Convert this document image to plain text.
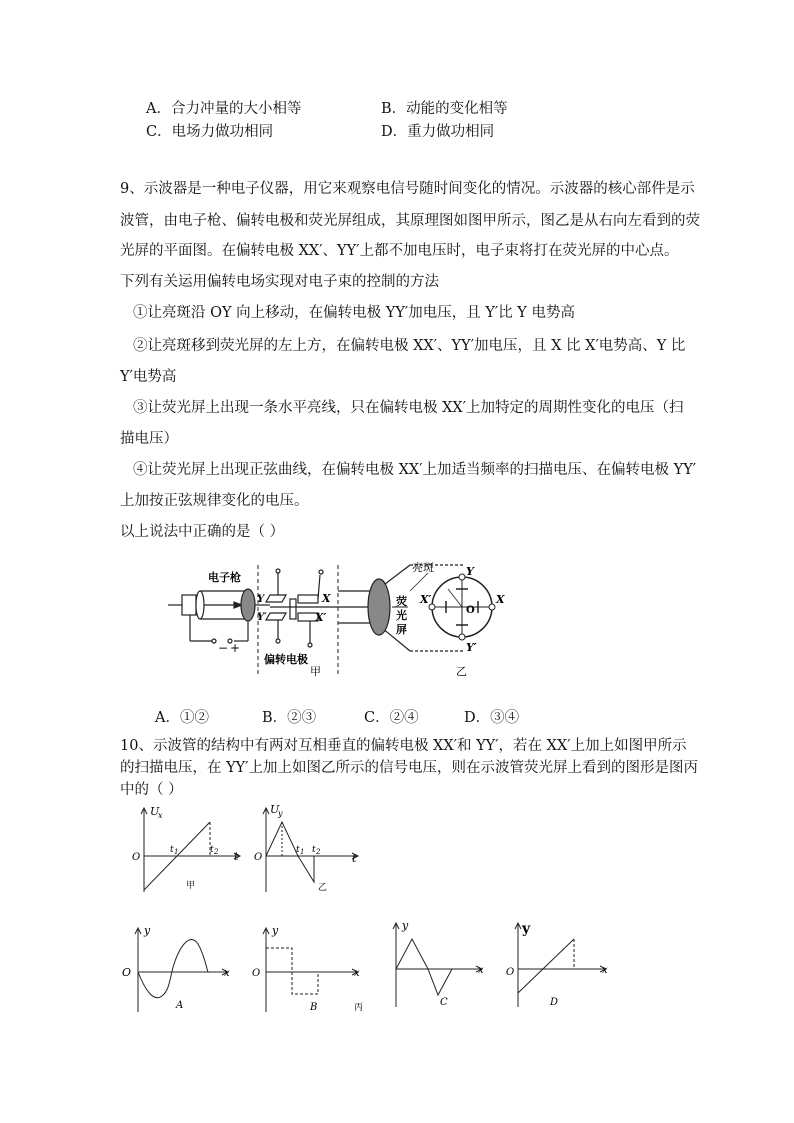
A．合力冲量的大小相等	B．动能的变化相等
C．电场力做功相同	D．重力做功相同
9、示波器是一种电子仪器，用它来观察电信号随时间变化的情况。示波器的核心部件是示
波管，由电子枪、偏转电极和荧光屏组成，其原理图如图甲所示，图乙是从右向左看到的荧
光屏的平面图。在偏转电极 XX′、YY′上都不加电压时，电子束将打在荧光屏的中心点。
下列有关运用偏转电场实现对电子束的控制的方法
①让亮斑沿 OY 向上移动，在偏转电极 YY′加电压，且 Y′比 Y 电势高
②让亮斑移到荧光屏的左上方，在偏转电极 XX′、YY′加电压，且 X 比 X′电势高、Y 比
Y′电势高
③让荧光屏上出现一条水平亮线，只在偏转电极 XX′上加特定的周期性变化的电压（扫
描电压）
④让荧光屏上出现正弦曲线，在偏转电极 XX′上加适当频率的扫描电压、在偏转电极 YY′
上加按正弦规律变化的电压。
以上说法中正确的是（ ）
− +
电子枪
Y
Y′
X
X′
偏转电极
甲
荧
光
屏
亮斑
O
Y
Y′
X′	X
乙
A．①②	B．②③	C．②④	D．③④
10、示波管的结构中有两对互相垂直的偏转电极 XX′和 YY′，若在 XX′上加上如图甲所示
的扫描电压，在 YY′上加上如图乙所示的信号电压，则在示波管荧光屏上看到的图形是图丙
中的（ ）
U
x
O	t
t 1	t 2
甲
U
y
O	t
t 1 t 2
乙
y
O	x
A
y
O	x
B	丙
y
x
C
y
O	x
D
